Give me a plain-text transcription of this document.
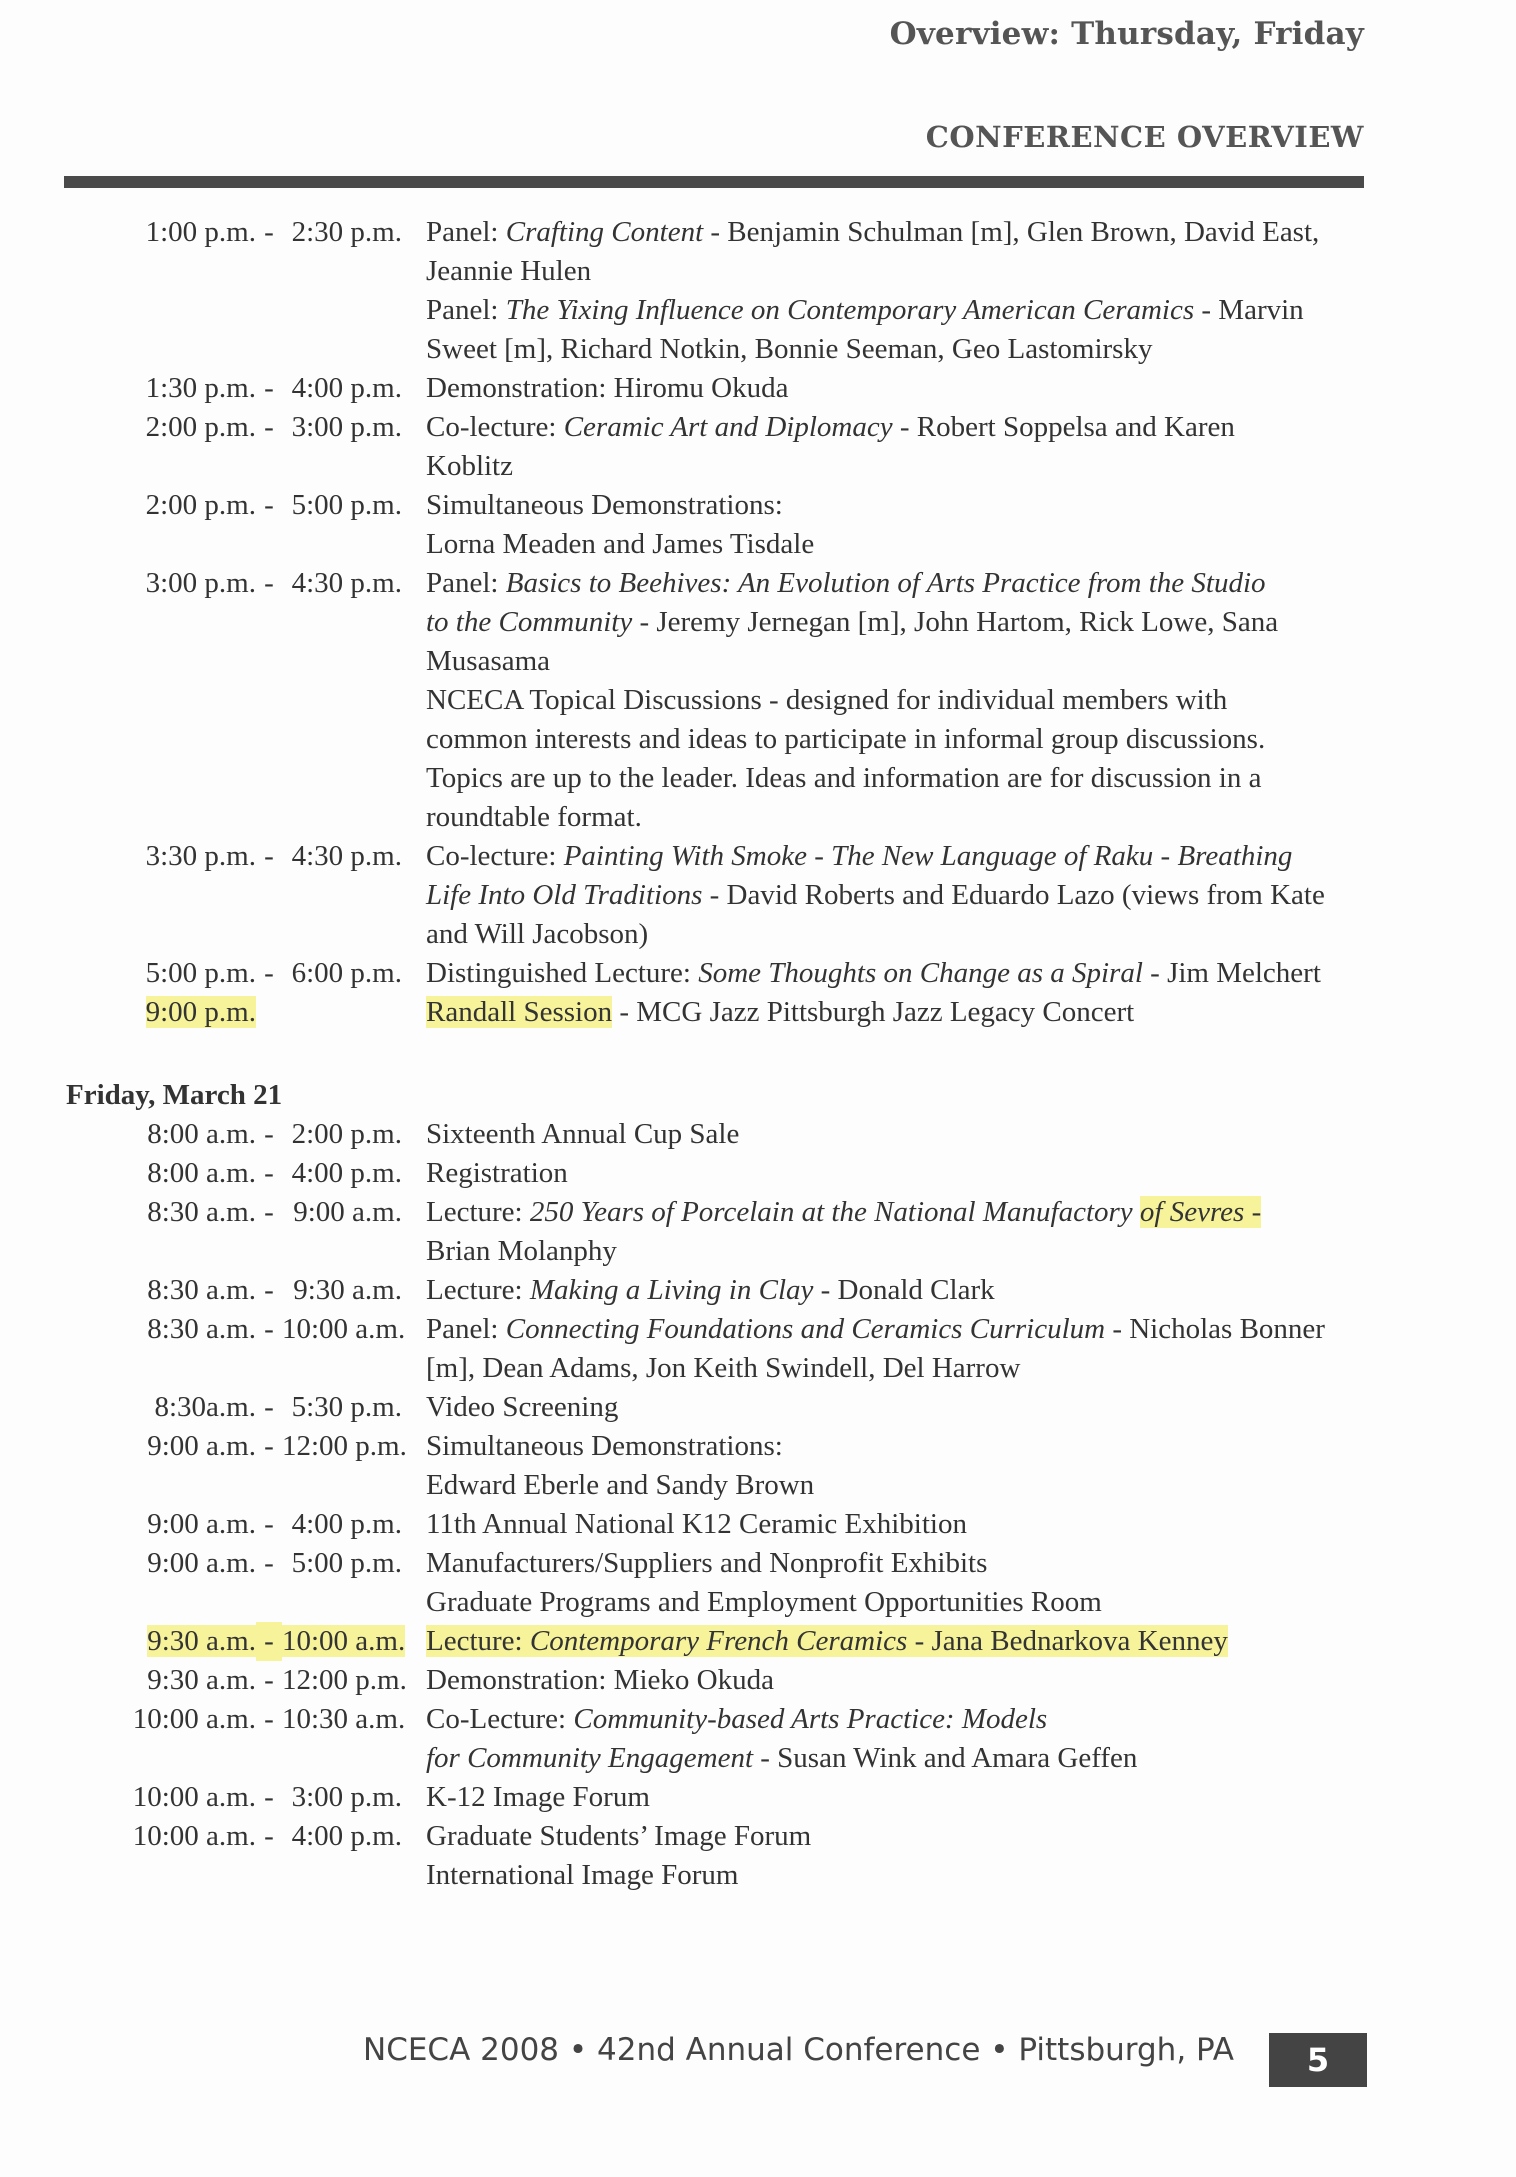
Overview: Thursday, Friday
CONFERENCE OVERVIEW
1:00 p.m. - 2:30 p.m. Panel: Crafting Content - Benjamin Schulman [m], Glen Brown, David East,
Jeannie Hulen
Panel: The Yixing Influence on Contemporary American Ceramics - Marvin
Sweet [m], Richard Notkin, Bonnie Seeman, Geo Lastomirsky
1:30 p.m. - 4:00 p.m. Demonstration: Hiromu Okuda
2:00 p.m. - 3:00 p.m. Co-lecture: Ceramic Art and Diplomacy - Robert Soppelsa and Karen
Koblitz
2:00 p.m. - 5:00 p.m. Simultaneous Demonstrations:
Lorna Meaden and James Tisdale
3:00 p.m. - 4:30 p.m. Panel: Basics to Beehives: An Evolution of Arts Practice from the Studio
to the Community - Jeremy Jernegan [m], John Hartom, Rick Lowe, Sana
Musasama
NCECA Topical Discussions - designed for individual members with
common interests and ideas to participate in informal group discussions.
Topics are up to the leader. Ideas and information are for discussion in a
roundtable format.
3:30 p.m. - 4:30 p.m. Co-lecture: Painting With Smoke - The New Language of Raku - Breathing
Life Into Old Traditions - David Roberts and Eduardo Lazo (views from Kate
and Will Jacobson)
5:00 p.m. - 6:00 p.m. Distinguished Lecture: Some Thoughts on Change as a Spiral - Jim Melchert
9:00 p.m.	Randall Session - MCG Jazz Pittsburgh Jazz Legacy Concert
Friday, March 21
8:00 a.m. - 2:00 p.m. Sixteenth Annual Cup Sale
8:00 a.m. - 4:00 p.m. Registration
8:30 a.m. - 9:00 a.m. Lecture: 250 Years of Porcelain at the National Manufactory of Sevres -
Brian Molanphy
8:30 a.m. - 9:30 a.m. Lecture: Making a Living in Clay - Donald Clark
8:30 a.m. - 10:00 a.m. Panel: Connecting Foundations and Ceramics Curriculum - Nicholas Bonner
[m], Dean Adams, Jon Keith Swindell, Del Harrow
8:30a.m. - 5:30 p.m. Video Screening
9:00 a.m. - 12:00 p.m. Simultaneous Demonstrations:
Edward Eberle and Sandy Brown
9:00 a.m. - 4:00 p.m. 11th Annual National K12 Ceramic Exhibition
9:00 a.m. - 5:00 p.m. Manufacturers/Suppliers and Nonprofit Exhibits
Graduate Programs and Employment Opportunities Room
9:30 a.m. - 10:00 a.m. Lecture: Contemporary French Ceramics - Jana Bednarkova Kenney
9:30 a.m. - 12:00 p.m. Demonstration: Mieko Okuda
10:00 a.m. - 10:30 a.m. Co-Lecture: Community-based Arts Practice: Models
for Community Engagement - Susan Wink and Amara Geffen
10:00 a.m. - 3:00 p.m. K-12 Image Forum
10:00 a.m. - 4:00 p.m. Graduate Students’ Image Forum
International Image Forum
NCECA 2008 • 42nd Annual Conference • Pittsburgh, PA	5
